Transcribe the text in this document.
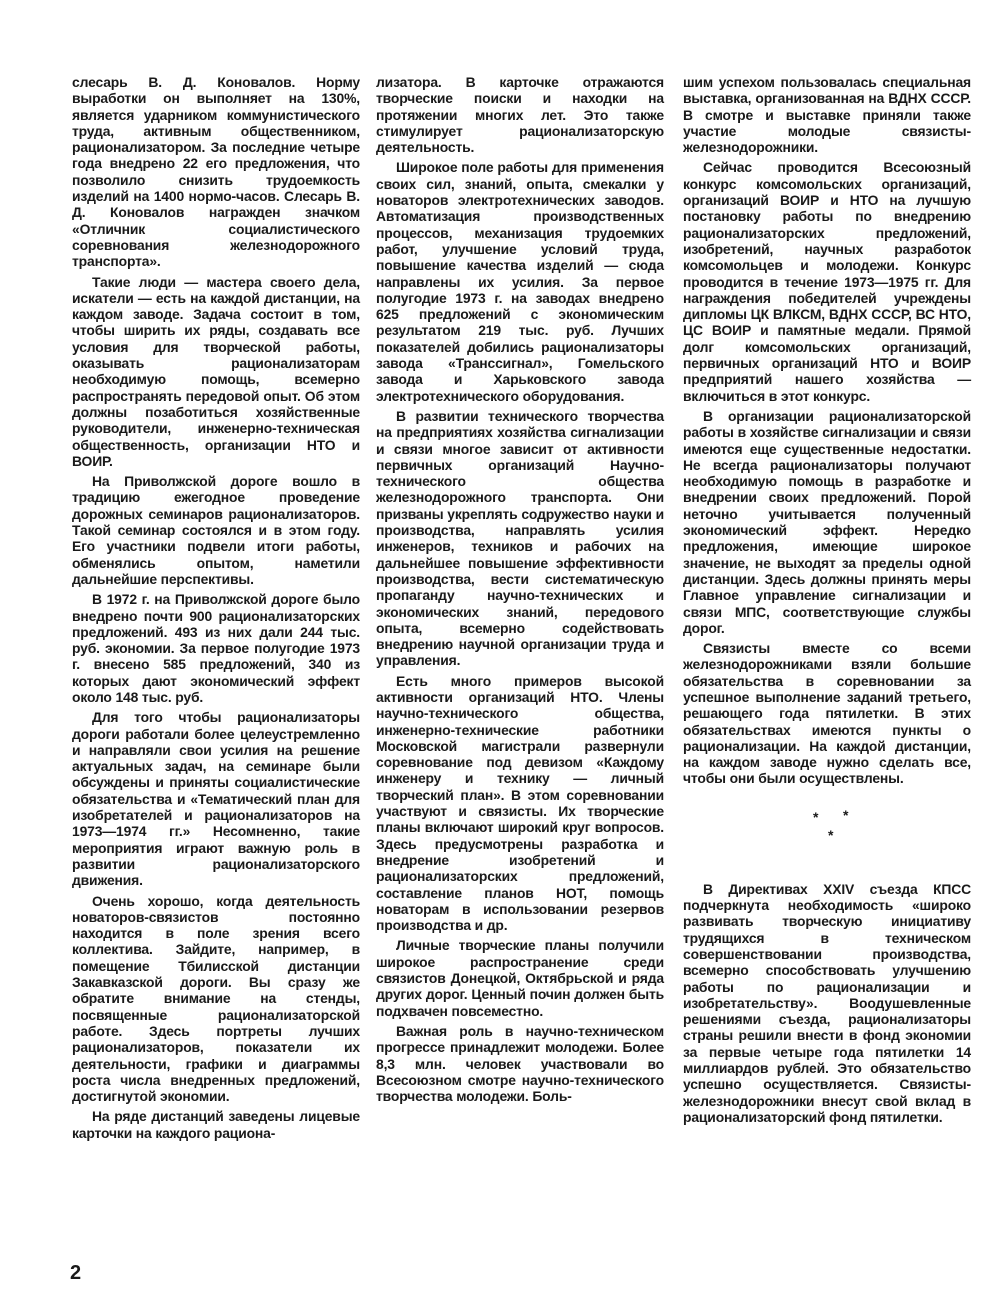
слесарь В. Д. Коновалов. Норму выработки он выполняет на 130%, является ударником коммунистического труда, активным общественником, рационализатором. За последние четыре года внедрено 22 его предложения, что позволило снизить трудоемкость изделий на 1400 нормо-часов. Слесарь В. Д. Коновалов награжден значком «Отличник социалистического соревнования железнодорожного транспорта».

Такие люди — мастера своего дела, искатели — есть на каждой дистанции, на каждом заводе. Задача состоит в том, чтобы ширить их ряды, создавать все условия для творческой работы, оказывать рационализаторам необходимую помощь, всемерно распространять передовой опыт. Об этом должны позаботиться хозяйственные руководители, инженерно-техническая общественность, организации НТО и ВОИР.

На Приволжской дороге вошло в традицию ежегодное проведение дорожных семинаров рационализаторов. Такой семинар состоялся и в этом году. Его участники подвели итоги работы, обменялись опытом, наметили дальнейшие перспективы.

В 1972 г. на Приволжской дороге было внедрено почти 900 рационализаторских предложений. 493 из них дали 244 тыс. руб. экономии. За первое полугодие 1973 г. внесено 585 предложений, 340 из которых дают экономический эффект около 148 тыс. руб.

Для того чтобы рационализаторы дороги работали более целеустремленно и направляли свои усилия на решение актуальных задач, на семинаре были обсуждены и приняты социалистические обязательства и «Тематический план для изобретателей и рационализаторов на 1973—1974 гг.» Несомненно, такие мероприятия играют важную роль в развитии рационализаторского движения.

Очень хорошо, когда деятельность новаторов-связистов постоянно находится в поле зрения всего коллектива. Зайдите, например, в помещение Тбилисской дистанции Закавказской дороги. Вы сразу же обратите внимание на стенды, посвященные рационализаторской работе. Здесь портреты лучших рационализаторов, показатели их деятельности, графики и диаграммы роста числа внедренных предложений, достигнутой экономии.

На ряде дистанций заведены лицевые карточки на каждого рациона-

лизатора. В карточке отражаются творческие поиски и находки на протяжении многих лет. Это также стимулирует рационализаторскую деятельность.

Широкое поле работы для применения своих сил, знаний, опыта, смекалки у новаторов электротехнических заводов. Автоматизация производственных процессов, механизация трудоемких работ, улучшение условий труда, повышение качества изделий — сюда направлены их усилия. За первое полугодие 1973 г. на заводах внедрено 625 предложений с экономическим результатом 219 тыс. руб. Лучших показателей добились рационализаторы завода «Транссигнал», Гомельского завода и Харьковского завода электротехнического оборудования.

В развитии технического творчества на предприятиях хозяйства сигнализации и связи многое зависит от активности первичных организаций Научно-технического общества железнодорожного транспорта. Они призваны укреплять содружество науки и производства, направлять усилия инженеров, техников и рабочих на дальнейшее повышение эффективности производства, вести систематическую пропаганду научно-технических и экономических знаний, передового опыта, всемерно содействовать внедрению научной организации труда и управления.

Есть много примеров высокой активности организаций НТО. Члены научно-технического общества, инженерно-технические работники Московской магистрали развернули соревнование под девизом «Каждому инженеру и технику — личный творческий план». В этом соревновании участвуют и связисты. Их творческие планы включают широкий круг вопросов. Здесь предусмотрены разработка и внедрение изобретений и рационализаторских предложений, составление планов НОТ, помощь новаторам в использовании резервов производства и др.

Личные творческие планы получили широкое распространение среди связистов Донецкой, Октябрьской и ряда других дорог. Ценный почин должен быть подхвачен повсеместно.

Важная роль в научно-техническом прогрессе принадлежит молодежи. Более 8,3 млн. человек участвовали во Всесоюзном смотре научно-технического творчества молодежи. Боль-

шим успехом пользовалась специальная выставка, организованная на ВДНХ СССР. В смотре и выставке приняли также участие молодые связисты-железнодорожники.

Сейчас проводится Всесоюзный конкурс комсомольских организаций, организаций ВОИР и НТО на лучшую постановку работы по внедрению рационализаторских предложений, изобретений, научных разработок комсомольцев и молодежи. Конкурс проводится в течение 1973—1975 гг. Для награждения победителей учреждены дипломы ЦК ВЛКСМ, ВДНХ СССР, ВС НТО, ЦС ВОИР и памятные медали. Прямой долг комсомольских организаций, первичных организаций НТО и ВОИР предприятий нашего хозяйства — включиться в этот конкурс.

В организации рационализаторской работы в хозяйстве сигнализации и связи имеются еще существенные недостатки. Не всегда рационализаторы получают необходимую помощь в разработке и внедрении своих предложений. Порой неточно учитывается полученный экономический эффект. Нередко предложения, имеющие широкое значение, не выходят за пределы одной дистанции. Здесь должны принять меры Главное управление сигнализации и связи МПС, соответствующие службы дорог.

Связисты вместе со всеми железнодорожниками взяли большие обязательства в соревновании за успешное выполнение заданий третьего, решающего года пятилетки. В этих обязательствах имеются пункты о рационализации. На каждой дистанции, на каждом заводе нужно сделать все, чтобы они были осуществлены.

* *
*

В Директивах XXIV съезда КПСС подчеркнута необходимость «широко развивать творческую инициативу трудящихся в техническом совершенствовании производства, всемерно способствовать улучшению работы по рационализации и изобретательству». Воодушевленные решениями съезда, рационализаторы страны решили внести в фонд экономии за первые четыре года пятилетки 14 миллиардов рублей. Это обязательство успешно осуществляется. Связисты-железнодорожники внесут свой вклад в рационализаторский фонд пятилетки.

2
